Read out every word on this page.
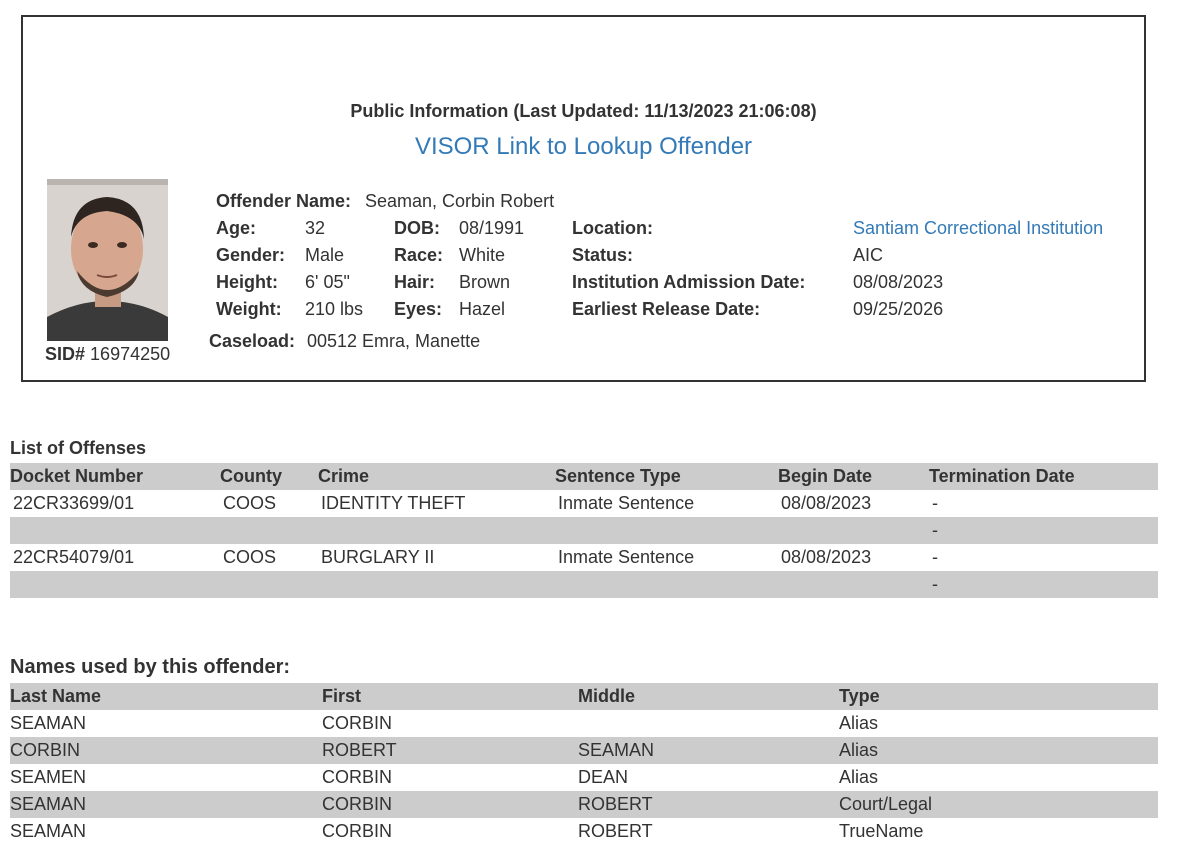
Public Information (Last Updated: 11/13/2023 21:06:08)
VISOR Link to Lookup Offender
SID# 16974250
Offender Name: Seaman, Corbin Robert
Age:	32	DOB: 08/1991	Location:	Santiam Correctional Institution
Gender: Male	Race: White	Status:	AIC
Height: 6' 05" Hair: Brown	Institution Admission Date:	08/08/2023
Weight: 210 lbs Eyes: Hazel	Earliest Release Date:	09/25/2026
Caseload: 00512 Emra, Manette
List of Offenses
Docket Number	County	Crime	Sentence Type	Begin Date	Termination Date
22CR33699/01	COOS	IDENTITY THEFT	Inmate Sentence	08/08/2023	-
					-
22CR54079/01	COOS	BURGLARY II	Inmate Sentence	08/08/2023	-
					-
Names used by this offender:
Last Name	First	Middle	Type
SEAMAN	CORBIN		Alias
CORBIN	ROBERT	SEAMAN	Alias
SEAMEN	CORBIN	DEAN	Alias
SEAMAN	CORBIN	ROBERT	Court/Legal
SEAMAN	CORBIN	ROBERT	TrueName
